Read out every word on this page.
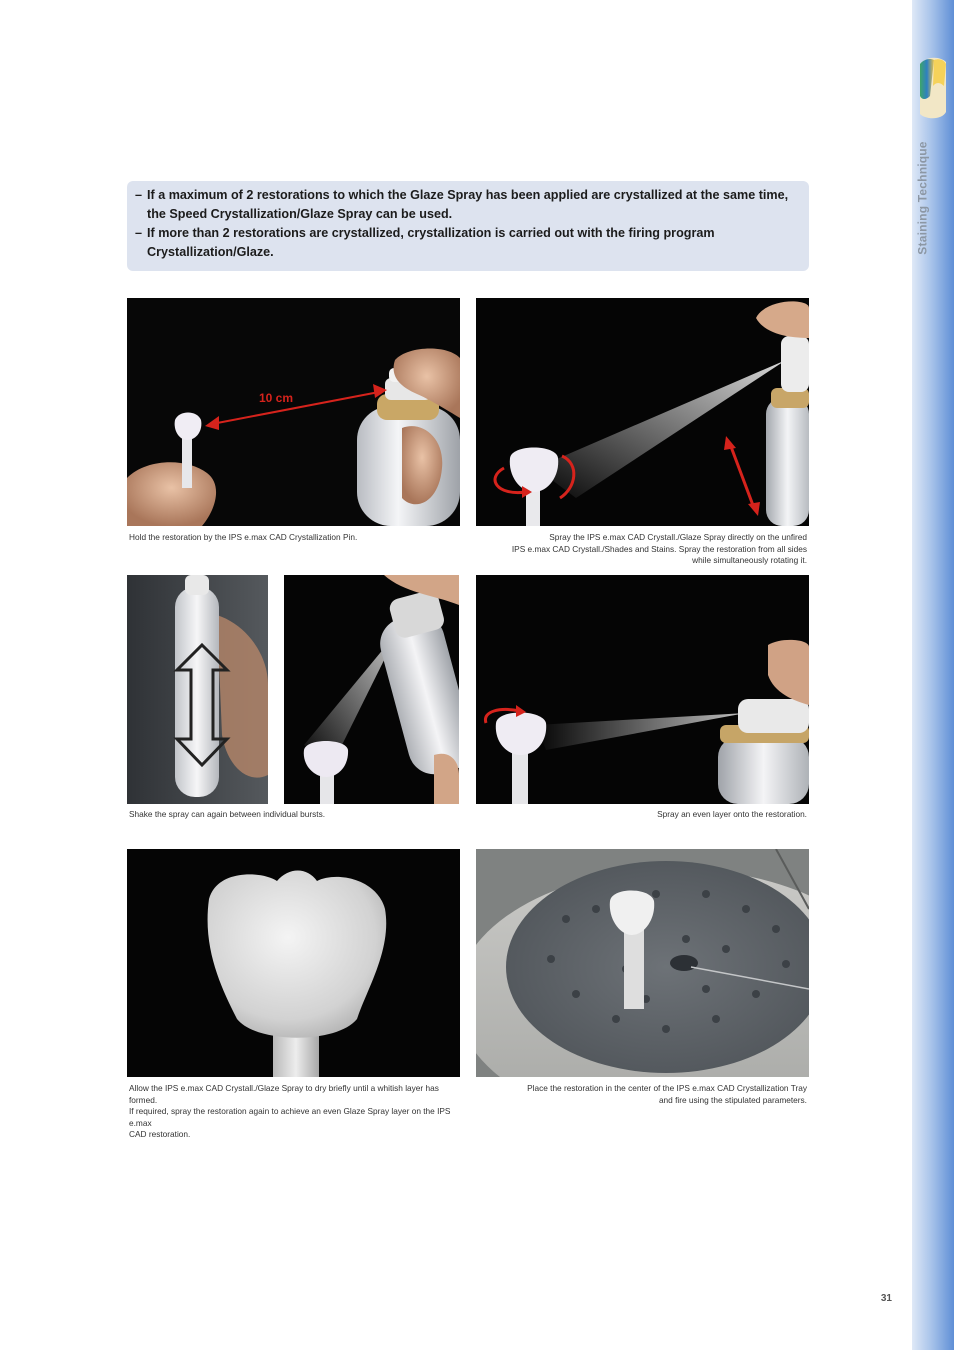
Staining Technique
– If a maximum of 2 restorations to which the Glaze Spray has been applied are crystallized at the same time,
the Speed Crystallization/Glaze Spray can be used.
– If more than 2 restorations are crystallized, crystallization is carried out with the firing program
Crystallization/Glaze.
10 cm
Hold the restoration by the IPS e.max CAD Crystallization Pin.	Spray the IPS e.max CAD Crystall./Glaze Spray directly on the unfired
IPS e.max CAD Crystall./Shades and Stains. Spray the restoration from all sides
while simultaneously rotating it.
Shake the spray can again between individual bursts.	Spray an even layer onto the restoration.
Allow the IPS e.max CAD Crystall./Glaze Spray to dry briefly until a whitish layer has formed.
If required, spray the restoration again to achieve an even Glaze Spray layer on the IPS e.max
CAD restoration.
Place the restoration in the center of the IPS e.max CAD Crystallization Tray
and fire using the stipulated parameters.
31
